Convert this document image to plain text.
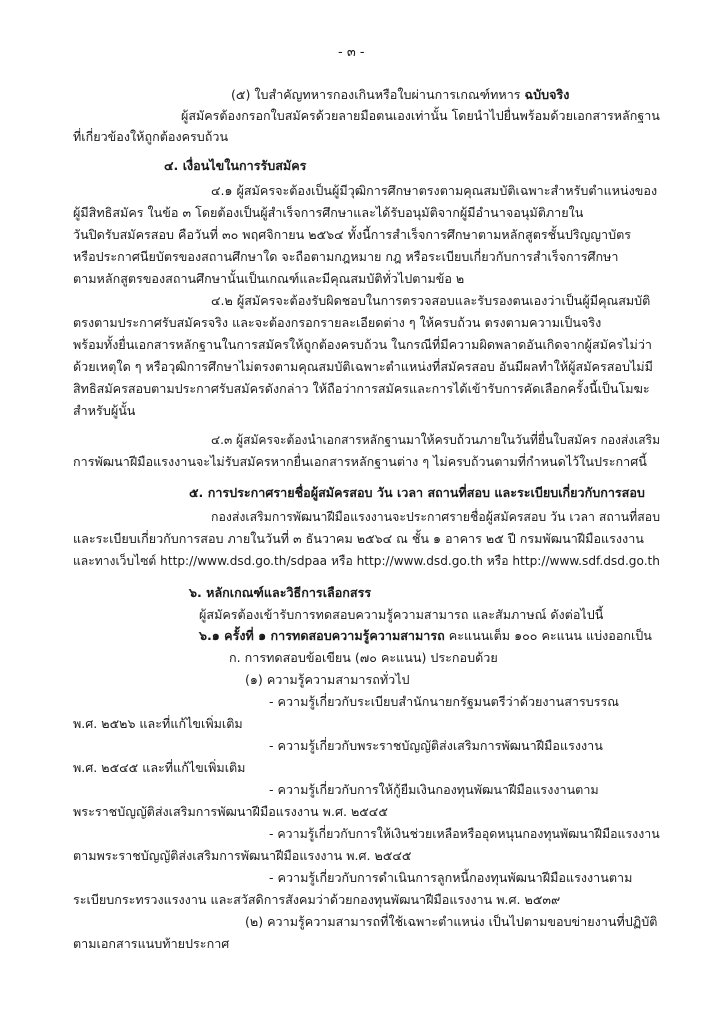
- ๓ -

(๕) ใบสำคัญทหารกองเกินหรือใบผ่านการเกณฑ์ทหาร ฉบับจริง

ผู้สมัครต้องกรอกใบสมัครด้วยลายมือตนเองเท่านั้น โดยนำไปยื่นพร้อมด้วยเอกสารหลักฐาน

ที่เกี่ยวข้องให้ถูกต้องครบถ้วน

๔. เงื่อนไขในการรับสมัคร

๔.๑ ผู้สมัครจะต้องเป็นผู้มีวุฒิการศึกษาตรงตามคุณสมบัติเฉพาะสำหรับตำแหน่งของ

ผู้มีสิทธิสมัคร ในข้อ ๓ โดยต้องเป็นผู้สำเร็จการศึกษาและได้รับอนุมัติจากผู้มีอำนาจอนุมัติภายใน

วันปิดรับสมัครสอบ คือวันที่ ๓๐ พฤศจิกายน ๒๕๖๔ ทั้งนี้การสำเร็จการศึกษาตามหลักสูตรชั้นปริญญาบัตร

หรือประกาศนียบัตรของสถานศึกษาใด จะถือตามกฎหมาย กฎ หรือระเบียบเกี่ยวกับการสำเร็จการศึกษา

ตามหลักสูตรของสถานศึกษานั้นเป็นเกณฑ์และมีคุณสมบัติทั่วไปตามข้อ ๒

๔.๒ ผู้สมัครจะต้องรับผิดชอบในการตรวจสอบและรับรองตนเองว่าเป็นผู้มีคุณสมบัติ

ตรงตามประกาศรับสมัครจริง และจะต้องกรอกรายละเอียดต่าง ๆ ให้ครบถ้วน ตรงตามความเป็นจริง

พร้อมทั้งยื่นเอกสารหลักฐานในการสมัครให้ถูกต้องครบถ้วน ในกรณีที่มีความผิดพลาดอันเกิดจากผู้สมัครไม่ว่า

ด้วยเหตุใด ๆ หรือวุฒิการศึกษาไม่ตรงตามคุณสมบัติเฉพาะตำแหน่งที่สมัครสอบ อันมีผลทำให้ผู้สมัครสอบไม่มี

สิทธิสมัครสอบตามประกาศรับสมัครดังกล่าว ให้ถือว่าการสมัครและการได้เข้ารับการคัดเลือกครั้งนี้เป็นโมฆะ

สำหรับผู้นั้น

๔.๓ ผู้สมัครจะต้องนำเอกสารหลักฐานมาให้ครบถ้วนภายในวันที่ยื่นใบสมัคร กองส่งเสริม

การพัฒนาฝีมือแรงงานจะไม่รับสมัครหากยื่นเอกสารหลักฐานต่าง ๆ ไม่ครบถ้วนตามที่กำหนดไว้ในประกาศนี้

๕. การประกาศรายชื่อผู้สมัครสอบ วัน เวลา สถานที่สอบ และระเบียบเกี่ยวกับการสอบ

กองส่งเสริมการพัฒนาฝีมือแรงงานจะประกาศรายชื่อผู้สมัครสอบ วัน เวลา สถานที่สอบ

และระเบียบเกี่ยวกับการสอบ ภายในวันที่ ๓ ธันวาคม ๒๕๖๔ ณ ชั้น ๑ อาคาร ๒๕ ปี กรมพัฒนาฝีมือแรงงาน

และทางเว็บไซต์ http://www.dsd.go.th/sdpaa หรือ http://www.dsd.go.th หรือ http://www.sdf.dsd.go.th

๖. หลักเกณฑ์และวิธีการเลือกสรร

ผู้สมัครต้องเข้ารับการทดสอบความรู้ความสามารถ และสัมภาษณ์ ดังต่อไปนี้

๖.๑ ครั้งที่ ๑ การทดสอบความรู้ความสามารถ คะแนนเต็ม ๑๐๐ คะแนน แบ่งออกเป็น

ก. การทดสอบข้อเขียน (๗๐ คะแนน) ประกอบด้วย

(๑) ความรู้ความสามารถทั่วไป

- ความรู้เกี่ยวกับระเบียบสำนักนายกรัฐมนตรีว่าด้วยงานสารบรรณ

พ.ศ. ๒๕๒๖ และที่แก้ไขเพิ่มเติม

- ความรู้เกี่ยวกับพระราชบัญญัติส่งเสริมการพัฒนาฝีมือแรงงาน

พ.ศ. ๒๕๔๕ และที่แก้ไขเพิ่มเติม

- ความรู้เกี่ยวกับการให้กู้ยืมเงินกองทุนพัฒนาฝีมือแรงงานตาม

พระราชบัญญัติส่งเสริมการพัฒนาฝีมือแรงงาน พ.ศ. ๒๕๔๕

- ความรู้เกี่ยวกับการให้เงินช่วยเหลือหรืออุดหนุนกองทุนพัฒนาฝีมือแรงงาน

ตามพระราชบัญญัติส่งเสริมการพัฒนาฝีมือแรงงาน พ.ศ. ๒๕๔๕

- ความรู้เกี่ยวกับการดำเนินการลูกหนี้กองทุนพัฒนาฝีมือแรงงานตาม

ระเบียบกระทรวงแรงงาน และสวัสดิการสังคมว่าด้วยกองทุนพัฒนาฝีมือแรงงาน พ.ศ. ๒๕๓๙

(๒) ความรู้ความสามารถที่ใช้เฉพาะตำแหน่ง เป็นไปตามขอบข่ายงานที่ปฏิบัติ

ตามเอกสารแนบท้ายประกาศ
